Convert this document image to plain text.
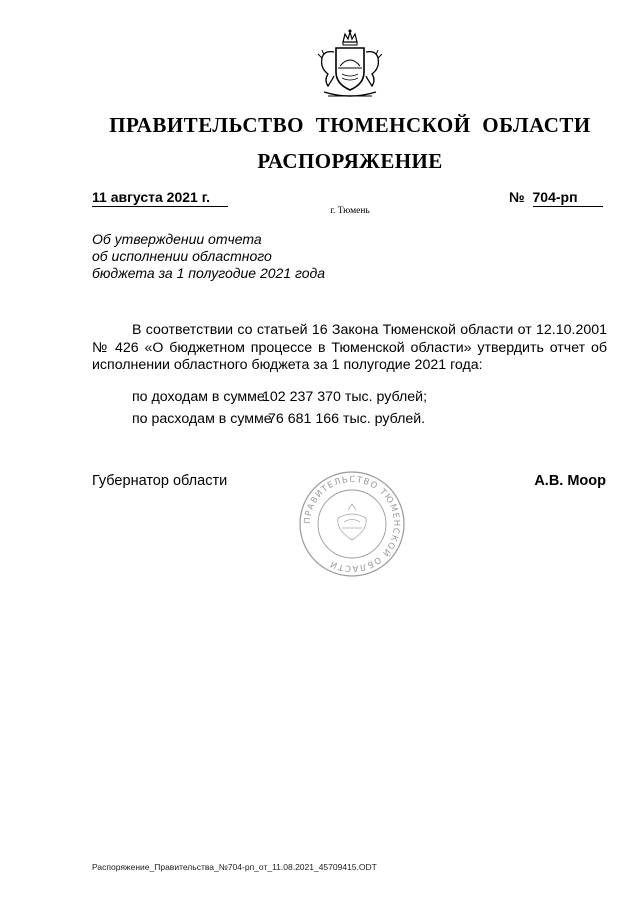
ПРАВИТЕЛЬСТВО ТЮМЕНСКОЙ ОБЛАСТИ
РАСПОРЯЖЕНИЕ
11 августа 2021 г.	№ 704-рп
г. Тюмень
Об утверждении отчета
об исполнении областного
бюджета за 1 полугодие 2021 года
В соответствии со статьей 16 Закона Тюменской области от 12.10.2001 № 426 «О бюджетном процессе в Тюменской области» утвердить отчет об исполнении областного бюджета за 1 полугодие 2021 года:
по доходам в сумме
102 237 370 тыс. рублей;
по расходам в сумме
76 681 166 тыс. рублей.
ПРАВИТЕЛЬСТВО ТЮМЕНСКОЙ ОБЛАСТИ
Губернатор области	А.В. Моор
Распоряжение_Правительства_№704-рп_от_11.08.2021_45709415.ODT
